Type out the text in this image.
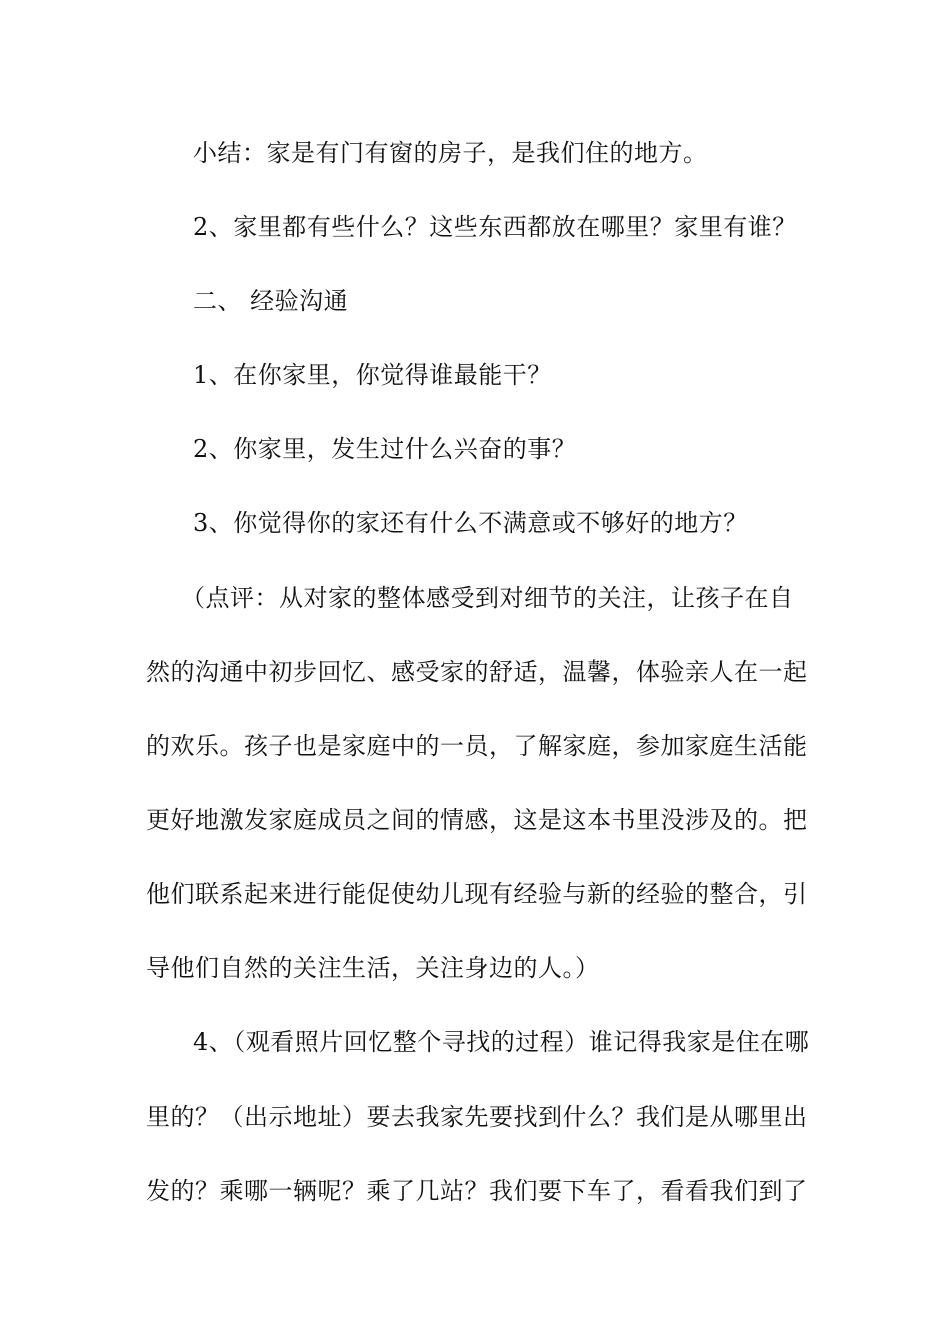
小结：家是有门有窗的房子，是我们住的地方。
2、家里都有些什么？这些东西都放在哪里？家里有谁？
二、 经验沟通
1、在你家里，你觉得谁最能干？
2、你家里，发生过什么兴奋的事？
3、你觉得你的家还有什么不满意或不够好的地方？
（点评：从对家的整体感受到对细节的关注，让孩子在自
然的沟通中初步回忆、感受家的舒适，温馨，体验亲人在一起
的欢乐。孩子也是家庭中的一员，了解家庭，参加家庭生活能
更好地激发家庭成员之间的情感，这是这本书里没涉及的。把
他们联系起来进行能促使幼儿现有经验与新的经验的整合，引
导他们自然的关注生活，关注身边的人。）
4、（观看照片回忆整个寻找的过程）谁记得我家是住在哪
里的？（出示地址）要去我家先要找到什么？我们是从哪里出
发的？乘哪一辆呢？乘了几站？我们要下车了，看看我们到了
